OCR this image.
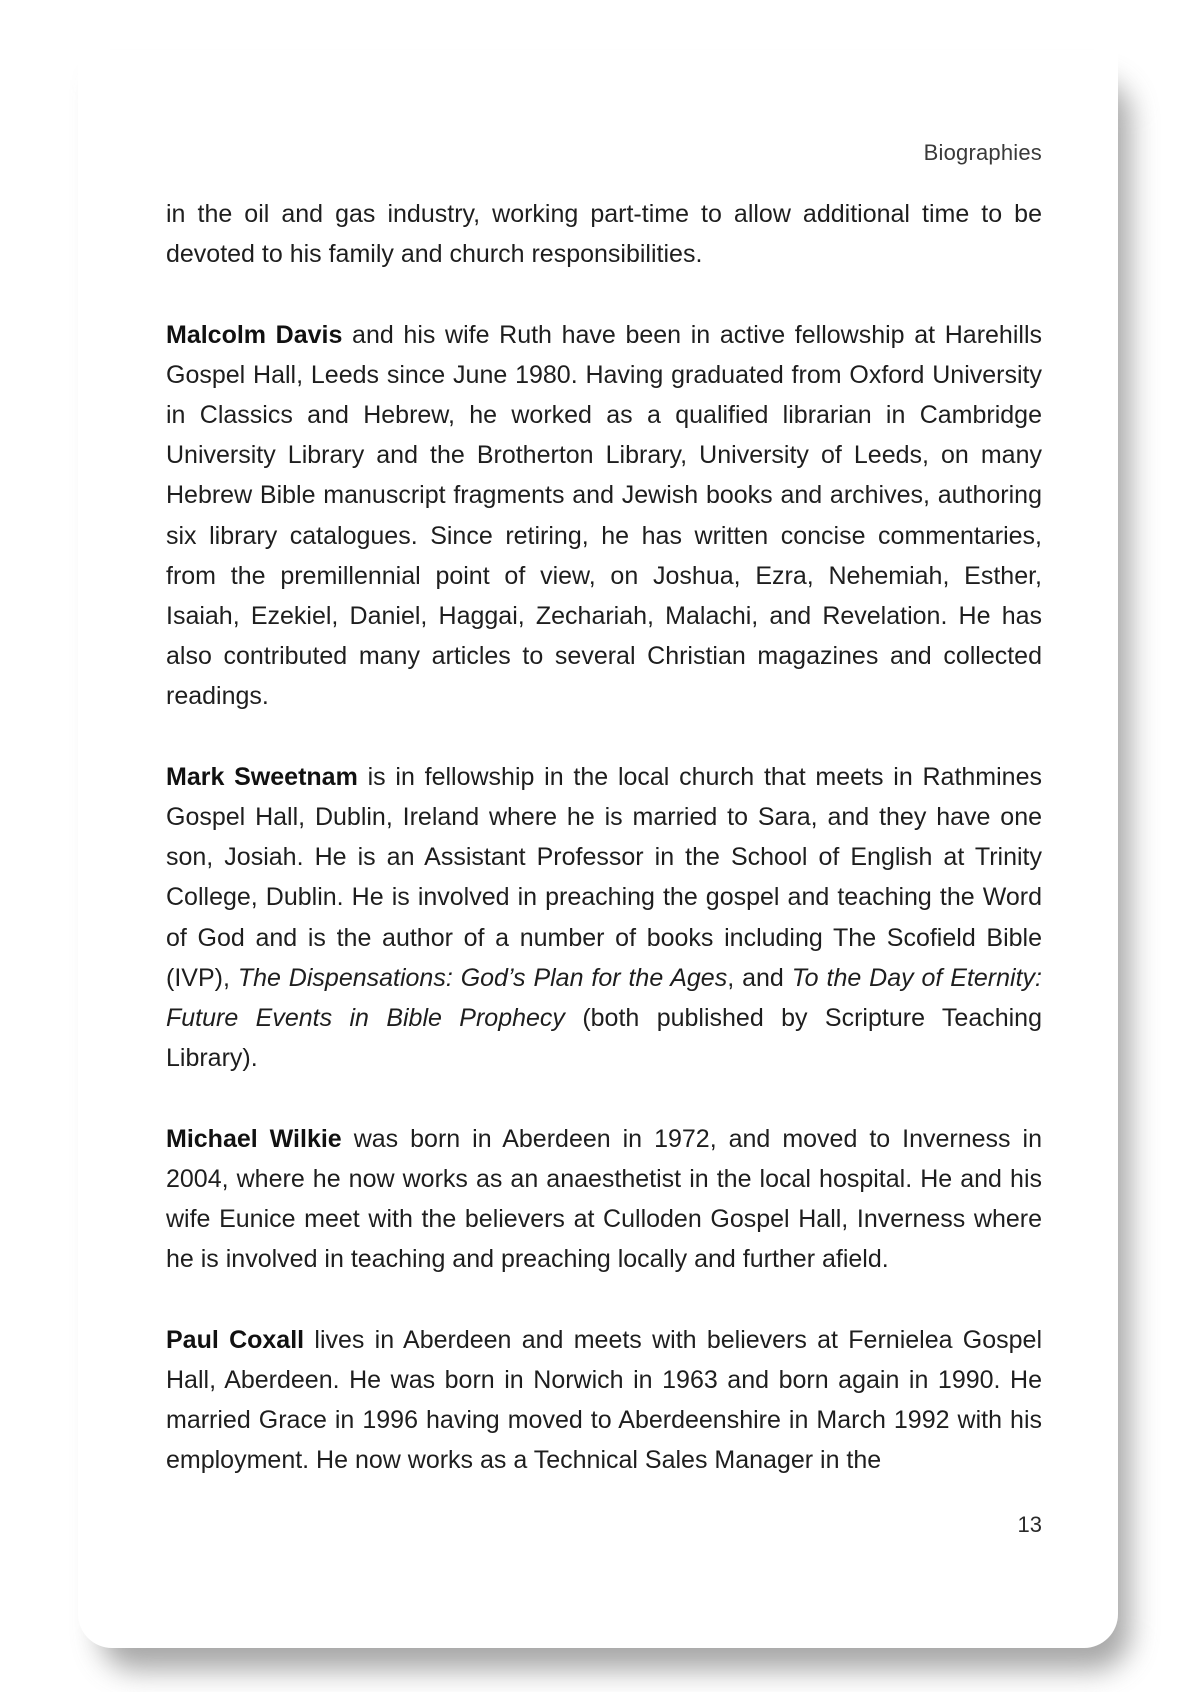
Biographies

in the oil and gas industry, working part-time to allow additional time to be devoted to his family and church responsibilities.

Malcolm Davis and his wife Ruth have been in active fellowship at Harehills Gospel Hall, Leeds since June 1980. Having graduated from Oxford University in Classics and Hebrew, he worked as a qualified librarian in Cambridge University Library and the Brotherton Library, University of Leeds, on many Hebrew Bible manuscript fragments and Jewish books and archives, authoring six library catalogues. Since retiring, he has written concise commentaries, from the premillennial point of view, on Joshua, Ezra, Nehemiah, Esther, Isaiah, Ezekiel, Daniel, Haggai, Zechariah, Malachi, and Revelation. He has also contributed many articles to several Christian magazines and collected readings.

Mark Sweetnam is in fellowship in the local church that meets in Rathmines Gospel Hall, Dublin, Ireland where he is married to Sara, and they have one son, Josiah. He is an Assistant Professor in the School of English at Trinity College, Dublin. He is involved in preaching the gospel and teaching the Word of God and is the author of a number of books including The Scofield Bible (IVP), The Dispensations: God’s Plan for the Ages, and To the Day of Eternity: Future Events in Bible Prophecy (both published by Scripture Teaching Library).

Michael Wilkie was born in Aberdeen in 1972, and moved to Inverness in 2004, where he now works as an anaesthetist in the local hospital. He and his wife Eunice meet with the believers at Culloden Gospel Hall, Inverness where he is involved in teaching and preaching locally and further afield.

Paul Coxall lives in Aberdeen and meets with believers at Fernielea Gospel Hall, Aberdeen. He was born in Norwich in 1963 and born again in 1990. He married Grace in 1996 having moved to Aberdeenshire in March 1992 with his employment. He now works as a Technical Sales Manager in the

13
